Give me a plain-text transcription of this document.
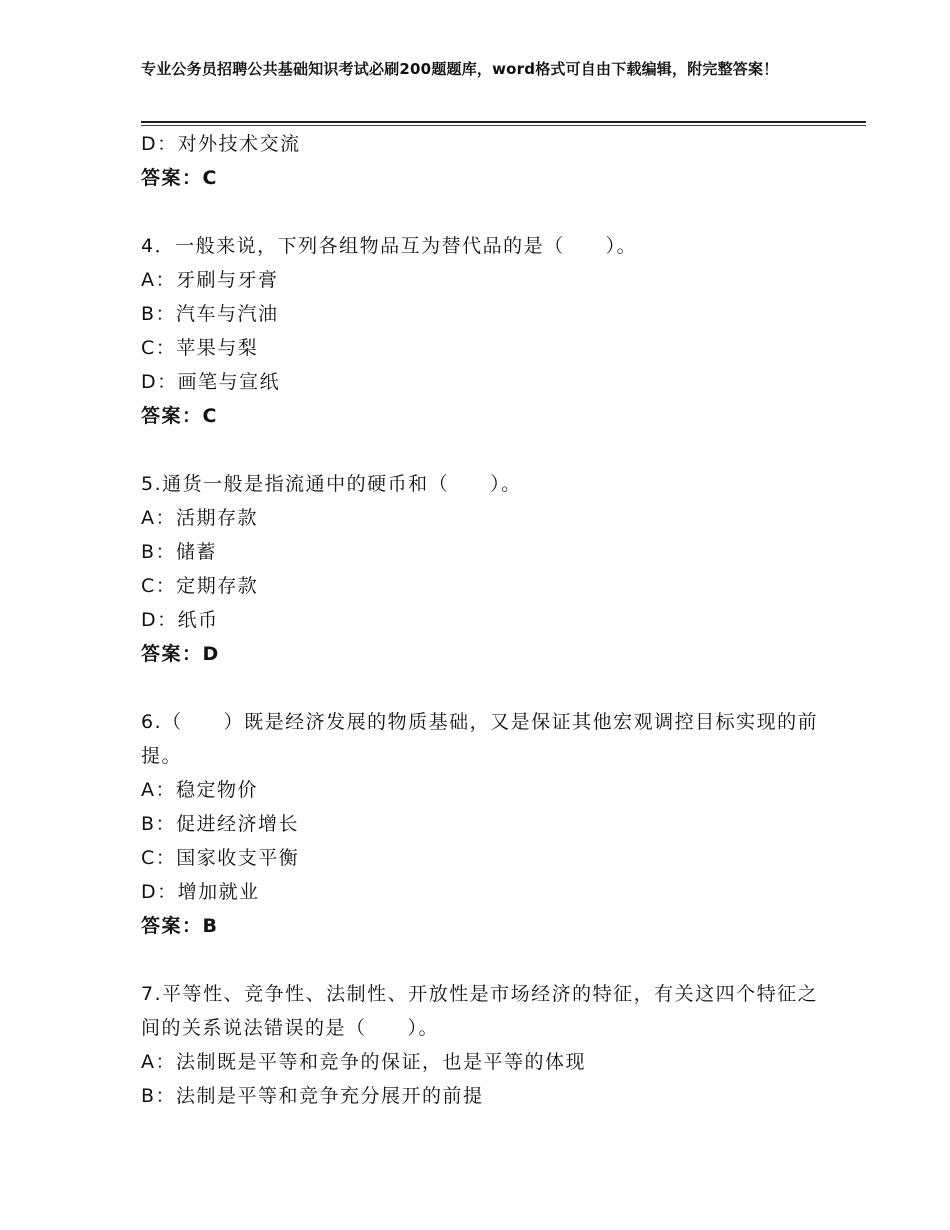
专业公务员招聘公共基础知识考试必刷200题题库，word格式可自由下载编辑，附完整答案！
D：对外技术交流
答案：C
4．一般来说，下列各组物品互为替代品的是（　　）。
A：牙刷与牙膏
B：汽车与汽油
C：苹果与梨
D：画笔与宣纸
答案：C
5.通货一般是指流通中的硬币和（　　）。
A：活期存款
B：储蓄
C：定期存款
D：纸币
答案：D
6.（　　）既是经济发展的物质基础，又是保证其他宏观调控目标实现的前提。
A：稳定物价
B：促进经济增长
C：国家收支平衡
D：增加就业
答案：B
7.平等性、竞争性、法制性、开放性是市场经济的特征，有关这四个特征之间的关系说法错误的是（　　）。
A：法制既是平等和竞争的保证，也是平等的体现
B：法制是平等和竞争充分展开的前提
